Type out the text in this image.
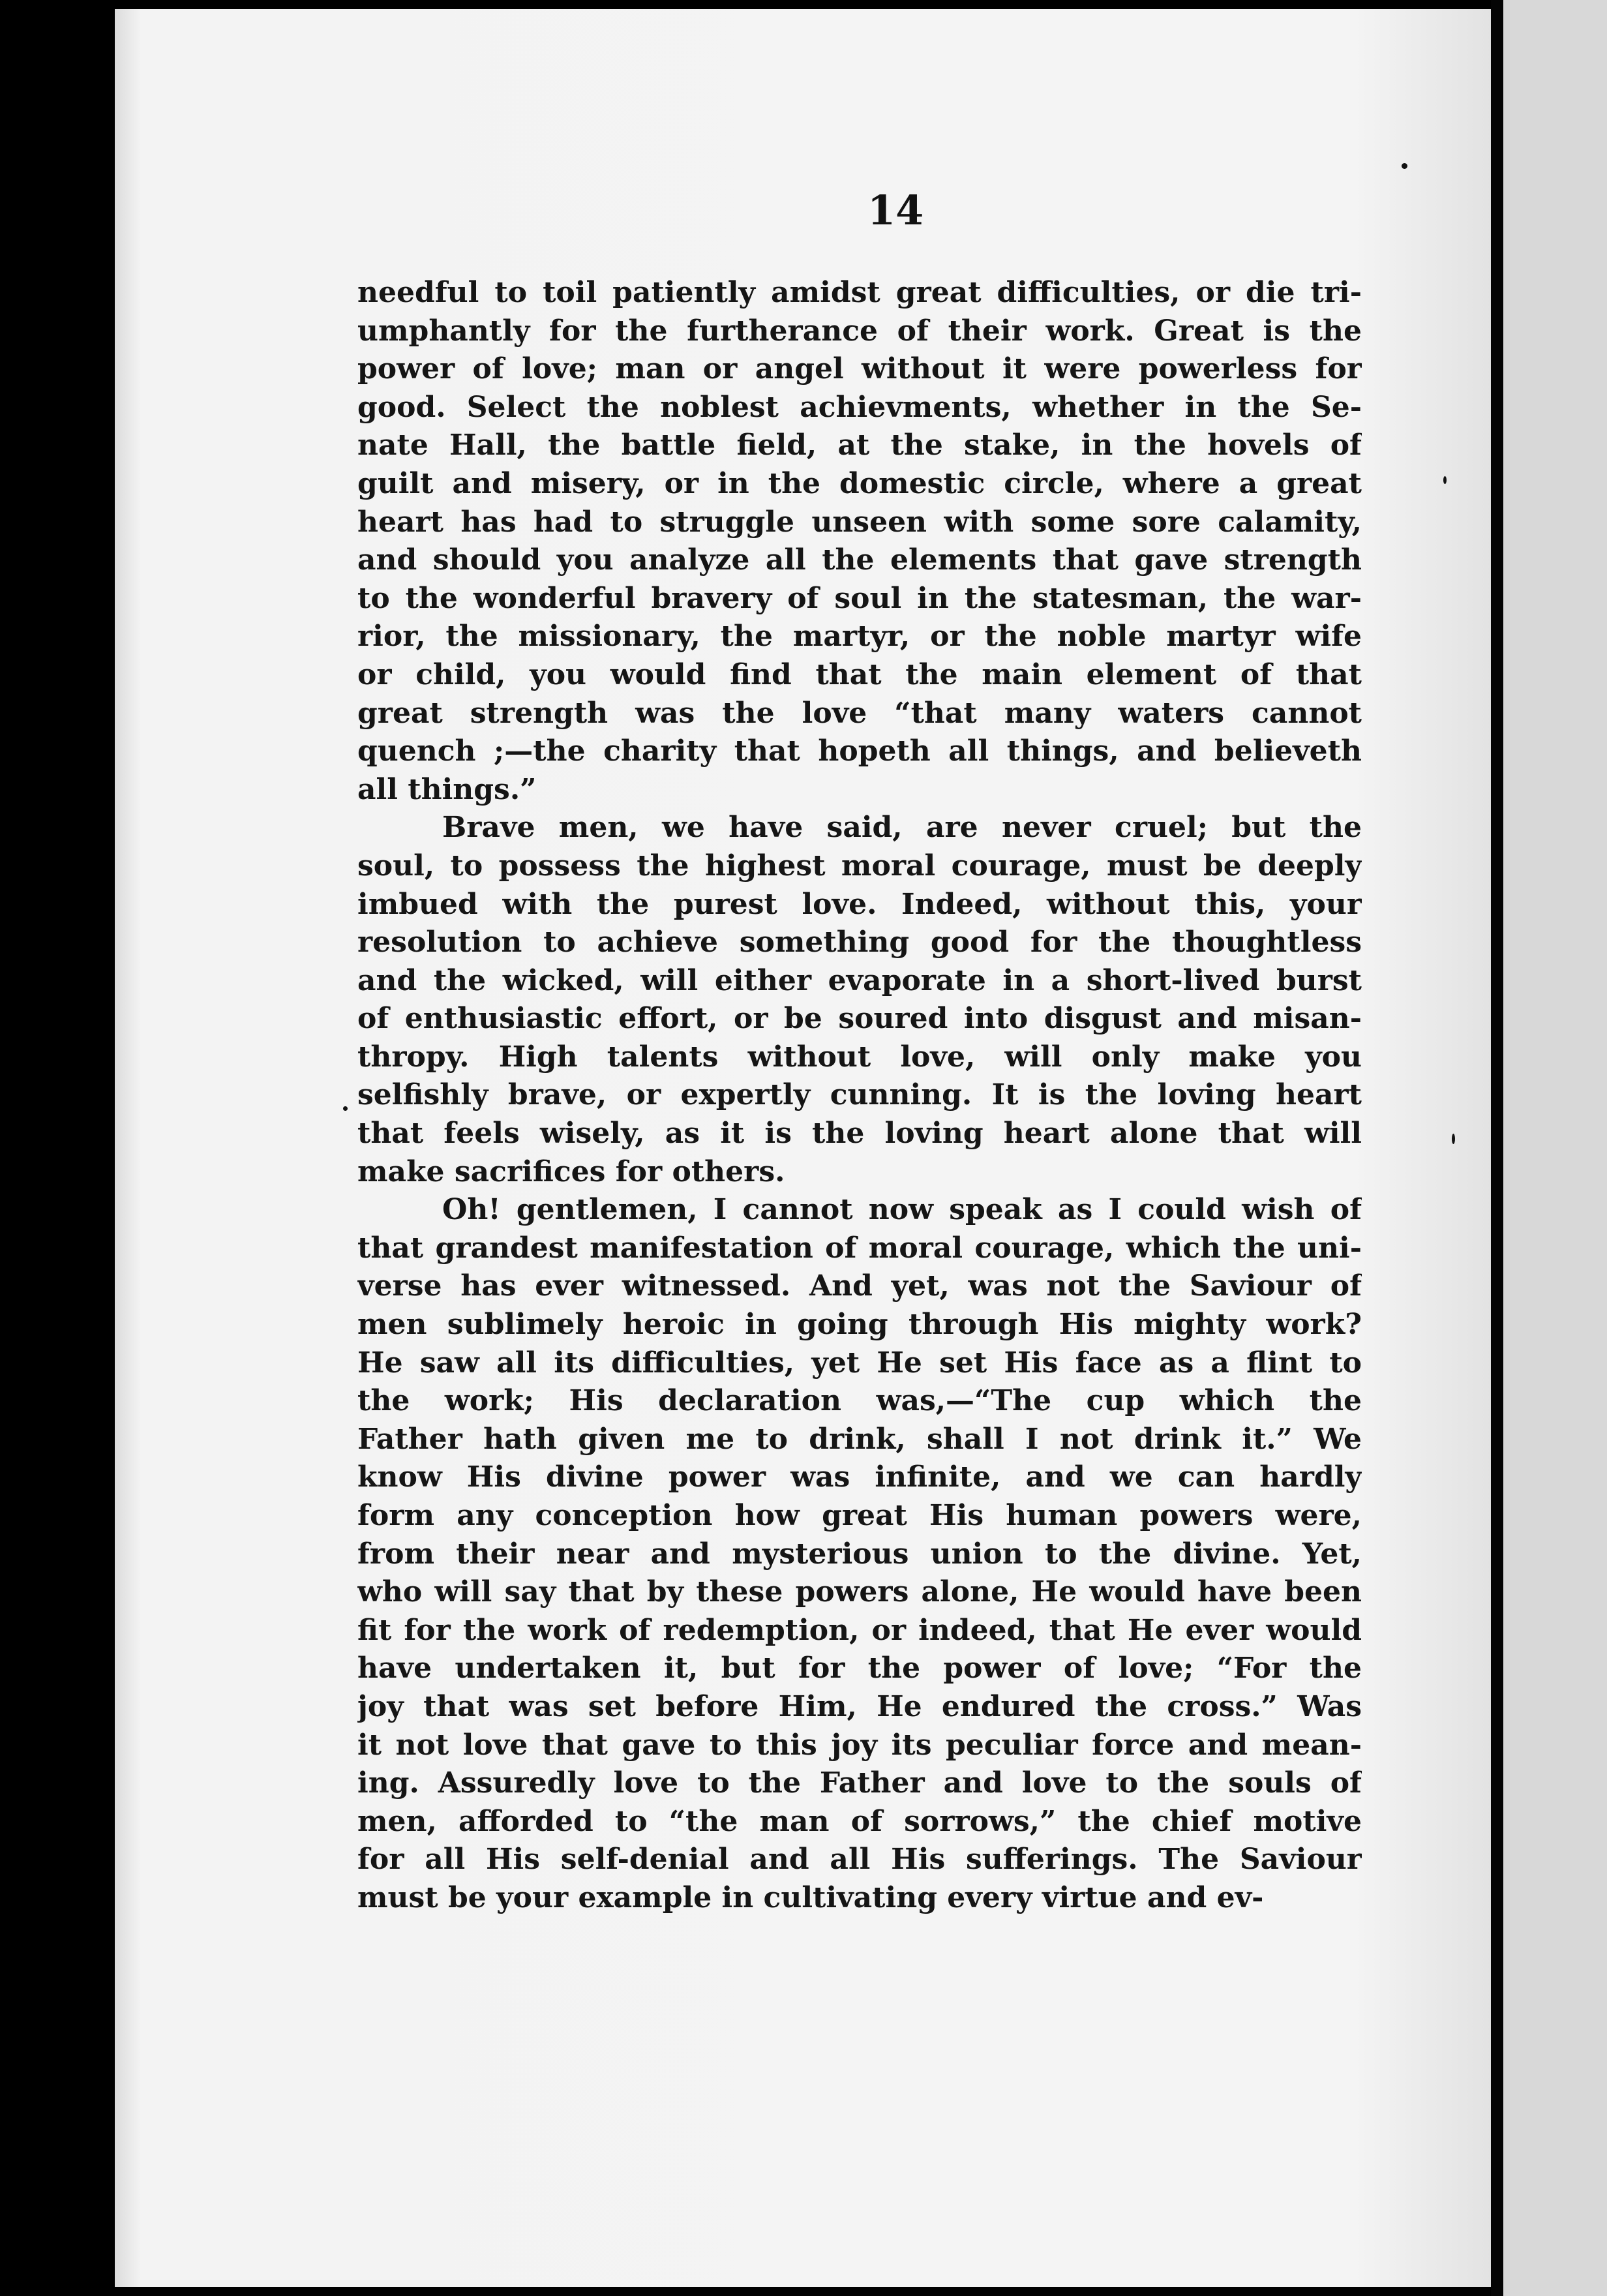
14

needful to toil patiently amidst great difficulties, or die tri-
umphantly for the furtherance of their work. Great is the
power of love; man or angel without it were powerless for
good. Select the noblest achievments, whether in the Se-
nate Hall, the battle field, at the stake, in the hovels of
guilt and misery, or in the domestic circle, where a great
heart has had to struggle unseen with some sore calamity,
and should you analyze all the elements that gave strength
to the wonderful bravery of soul in the statesman, the war-
rior, the missionary, the martyr, or the noble martyr wife
or child, you would find that the main element of that
great strength was the love “that many waters cannot
quench ;—the charity that hopeth all things, and believeth
all things.”
Brave men, we have said, are never cruel; but the
soul, to possess the highest moral courage, must be deeply
imbued with the purest love. Indeed, without this, your
resolution to achieve something good for the thoughtless
and the wicked, will either evaporate in a short-lived burst
of enthusiastic effort, or be soured into disgust and misan-
thropy. High talents without love, will only make you
selfishly brave, or expertly cunning. It is the loving heart
that feels wisely, as it is the loving heart alone that will
make sacrifices for others.
Oh! gentlemen, I cannot now speak as I could wish of
that grandest manifestation of moral courage, which the uni-
verse has ever witnessed. And yet, was not the Saviour of
men sublimely heroic in going through His mighty work?
He saw all its difficulties, yet He set His face as a flint to
the work; His declaration was,—“The cup which the
Father hath given me to drink, shall I not drink it.” We
know His divine power was infinite, and we can hardly
form any conception how great His human powers were,
from their near and mysterious union to the divine. Yet,
who will say that by these powers alone, He would have been
fit for the work of redemption, or indeed, that He ever would
have undertaken it, but for the power of love; “For the
joy that was set before Him, He endured the cross.” Was
it not love that gave to this joy its peculiar force and mean-
ing. Assuredly love to the Father and love to the souls of
men, afforded to “the man of sorrows,” the chief motive
for all His self-denial and all His sufferings. The Saviour
must be your example in cultivating every virtue and ev-
